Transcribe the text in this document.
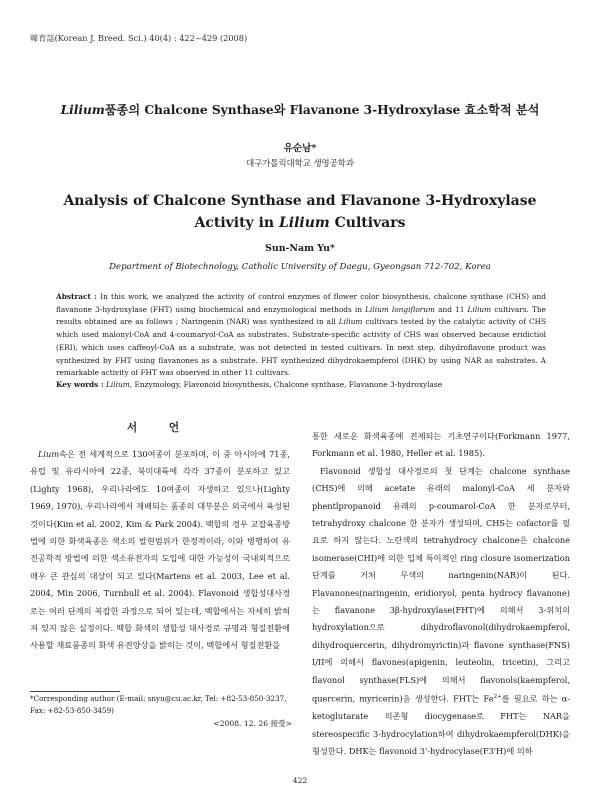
韓育誌(Korean J. Breed. Sci.) 40(4) : 422~429 (2008)
Lilium품종의 Chalcone Synthase와 Flavanone 3-Hydroxylase 효소학적 분석
유순남*
대구가톨릭대학교 생명공학과
Analysis of Chalcone Synthase and Flavanone 3-Hydroxylase
Activity in Lilium Cultivars
Sun-Nam Yu*
Department of Biotechnology, Catholic University of Daegu, Gyeongsan 712-702, Korea
Abstract : In this work, we analyzed the activity of control enzymes of flower color biosynthesis, chalcone synthase (CHS) and flavanone 3-hydroxylase (FHT) using biochemical and enzymological methods in Lilium longiflorum and 11 Lilium cultivars. The results obtained are as follows ; Naringenin (NAR) was synthesized in all Lilium cultivars tested by the catalytic activity of CHS which used malonyl-CoA and 4-coumaryol-CoA as substrates. Substrate-specific activity of CHS was observed because eridictiol (ERI), which uses caffeoyl-CoA as a substrate, was not detected in tested cultivars. In next step, dihydroflavone product was synthesized by FHT using flavanones as a substrate. FHT synthesized dihydrokaempferol (DHK) by using NAR as substrates. A remarkable activity of FHT was observed in other 11 cultivars.
Key words : Lilium, Enzymology, Flavonoid biosynthesis, Chalcone synthase, Flavanone 3-hydroxylase
서 언

Lium속은 전 세계적으로 130여종이 분포하며, 이 중 아시아에 71종, 유럽 및 유라시아에 22종, 북미대륙에 각각 37종이 분포하고 있고(Lighty 1968), 우리나라에도 10여종이 자생하고 있으나(Lighty 1969, 1970), 우리나라에서 재배되는 품종의 대부분은 외국에서 육성된 것이다(Kim et al. 2002, Kim & Park 2004). 백합의 경우 교잡육종방법에 의한 화색육종은 색소의 발현범위가 한정적이라, 이와 병행하여 유전공학적 방법에 의한 색소유전자의 도입에 대한 가능성이 국내외적으로 매우 큰 관심의 대상이 되고 있다(Martens et al. 2003, Lee et al. 2004, Min 2006, Turnbull et al. 2004). Flavonoid 생합성대사경로는 여러 단계의 복잡한 과정으로 되어 있는데, 백합에서는 자세히 밝혀져 있지 않은 실정이다. 백합 화색의 생합성 대사경로 규명과 형질전환에 사용할 재료품종의 화색 유전양상을 밝히는 것이, 백합에서 형질전환을

통한 새로운 화색육종에 전제되는 기초연구이다(Forkmann 1977, Forkmann et al. 1980, Heller et al. 1985).

Flavonoid 생합성 대사경로의 첫 단계는 chalcone synthase (CHS)에 의해 acetate 유래의 malonyl-CoA 세 분자와 phentlpropanoid 유래의 p-coumarol-CoA 한 분자로부터, tetrahydroxy chalcone 한 분자가 생성되며, CHS는 cofactor를 필요로 하지 않는다. 노란색의 tetrahydrocy chalcone은 chalcone isomerase(CHI)에 의한 입체 특이적인 ring closure isomerization 단계를 거쳐 무색의 naringenin(NAR)이 된다. Flavanones(naringenin, eridioryol, penta hydrocy flavanone)는 flavanone 3β-hydroxylase(FHT)에 의해서 3-위치의 hydroxylation으로 dihydroflavonol(dihydrokaempferol, dihydroquercerin, dihydromyrictin)과 flavone synthase(FNS) I/II에 의해서 flavones(apigenin, leuteolin, tricetin), 그리고 flavonol synthase(FLS)에 의해서 flavonols(kaempferol, quercerin, myricerin)을 생성한다. FHT는 $Fe^{2+}$를 필요로 하는 α-ketoglutarate 의존형 diocygenase로 FHT는 NAR을 stereospecific 3-hydrocylation하여 dihydrokaempferol(DHK)을 형성한다. DHK는 flavonoid 3'-hydrocylase(F3'H)에 의하

*Corresponding author (E-mail: snyu@cu.ac.kr, Tel: +82-53-850-3237, Fax: +82-53-850-3459)
<2008. 12. 26 接受>
422
